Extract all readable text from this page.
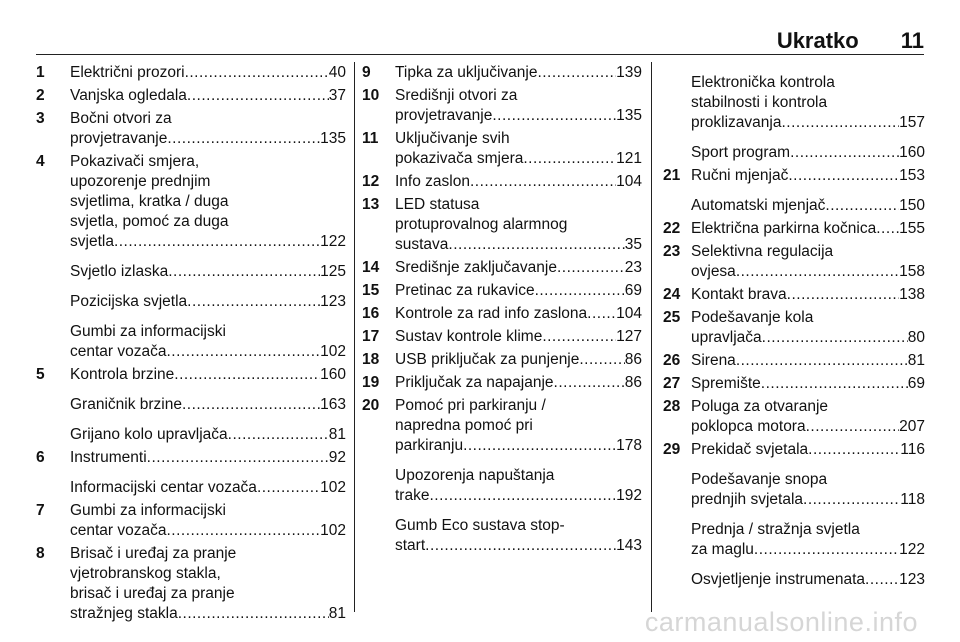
Ukratko 11
1	Električni prozori .....	40
2	Vanjska ogledala .....	37
3	Bočni otvori za
provjetravanje .....	135
4	Pokazivači smjera,
upozorenje prednjim
svjetlima, kratka / duga
svjetla, pomoć za duga
svjetla .....	122
Svjetlo izlaska .....	125
Pozicijska svjetla .....	123
Gumbi za informacijski
centar vozača .....	102
5	Kontrola brzine .....	160
Graničnik brzine .....	163
Grijano kolo upravljača .....	81
6	Instrumenti .....	92
Informacijski centar vozača .....	102
7	Gumbi za informacijski
centar vozača .....	102
8	Brisač i uređaj za pranje
vjetrobranskog stakla,
brisač i uređaj za pranje
stražnjeg stakla .....	81
9	Tipka za uključivanje .....	139
10	Središnji otvori za
provjetravanje .....	135
11	Uključivanje svih
pokazivača smjera .....	121
12	Info zaslon .....	104
13	LED statusa
protuprovalnog alarmnog
sustava .....	35
14	Središnje zaključavanje .....	23
15	Pretinac za rukavice .....	69
16	Kontrole za rad info zaslona ..... 104
17	Sustav kontrole klime .....	127
18	USB priključak za punjenje .....	86
19	Priključak za napajanje .....	86
20	Pomoć pri parkiranju /
napredna pomoć pri
parkiranju .....	178
Upozorenja napuštanja
trake .....	192
Gumb Eco sustava stop-
start .....	143
Elektronička kontrola
stabilnosti i kontrola
proklizavanja .....	157
Sport program .....	160
21 Ručni mjenjač .....	153
Automatski mjenjač .....	150
22 Električna parkirna kočnica ..... 155
23 Selektivna regulacija
ovjesa .....	158
24 Kontakt brava .....	138
25 Podešavanje kola
upravljača .....	80
26 Sirena .....	81
27 Spremište .....	69
28 Poluga za otvaranje
poklopca motora .....	207
29 Prekidač svjetala .....	116
Podešavanje snopa
prednjih svjetala .....	118
Prednja / stražnja svjetla
za maglu .....	122
Osvjetljenje instrumenata ..... 123
carmanualsonline.info
